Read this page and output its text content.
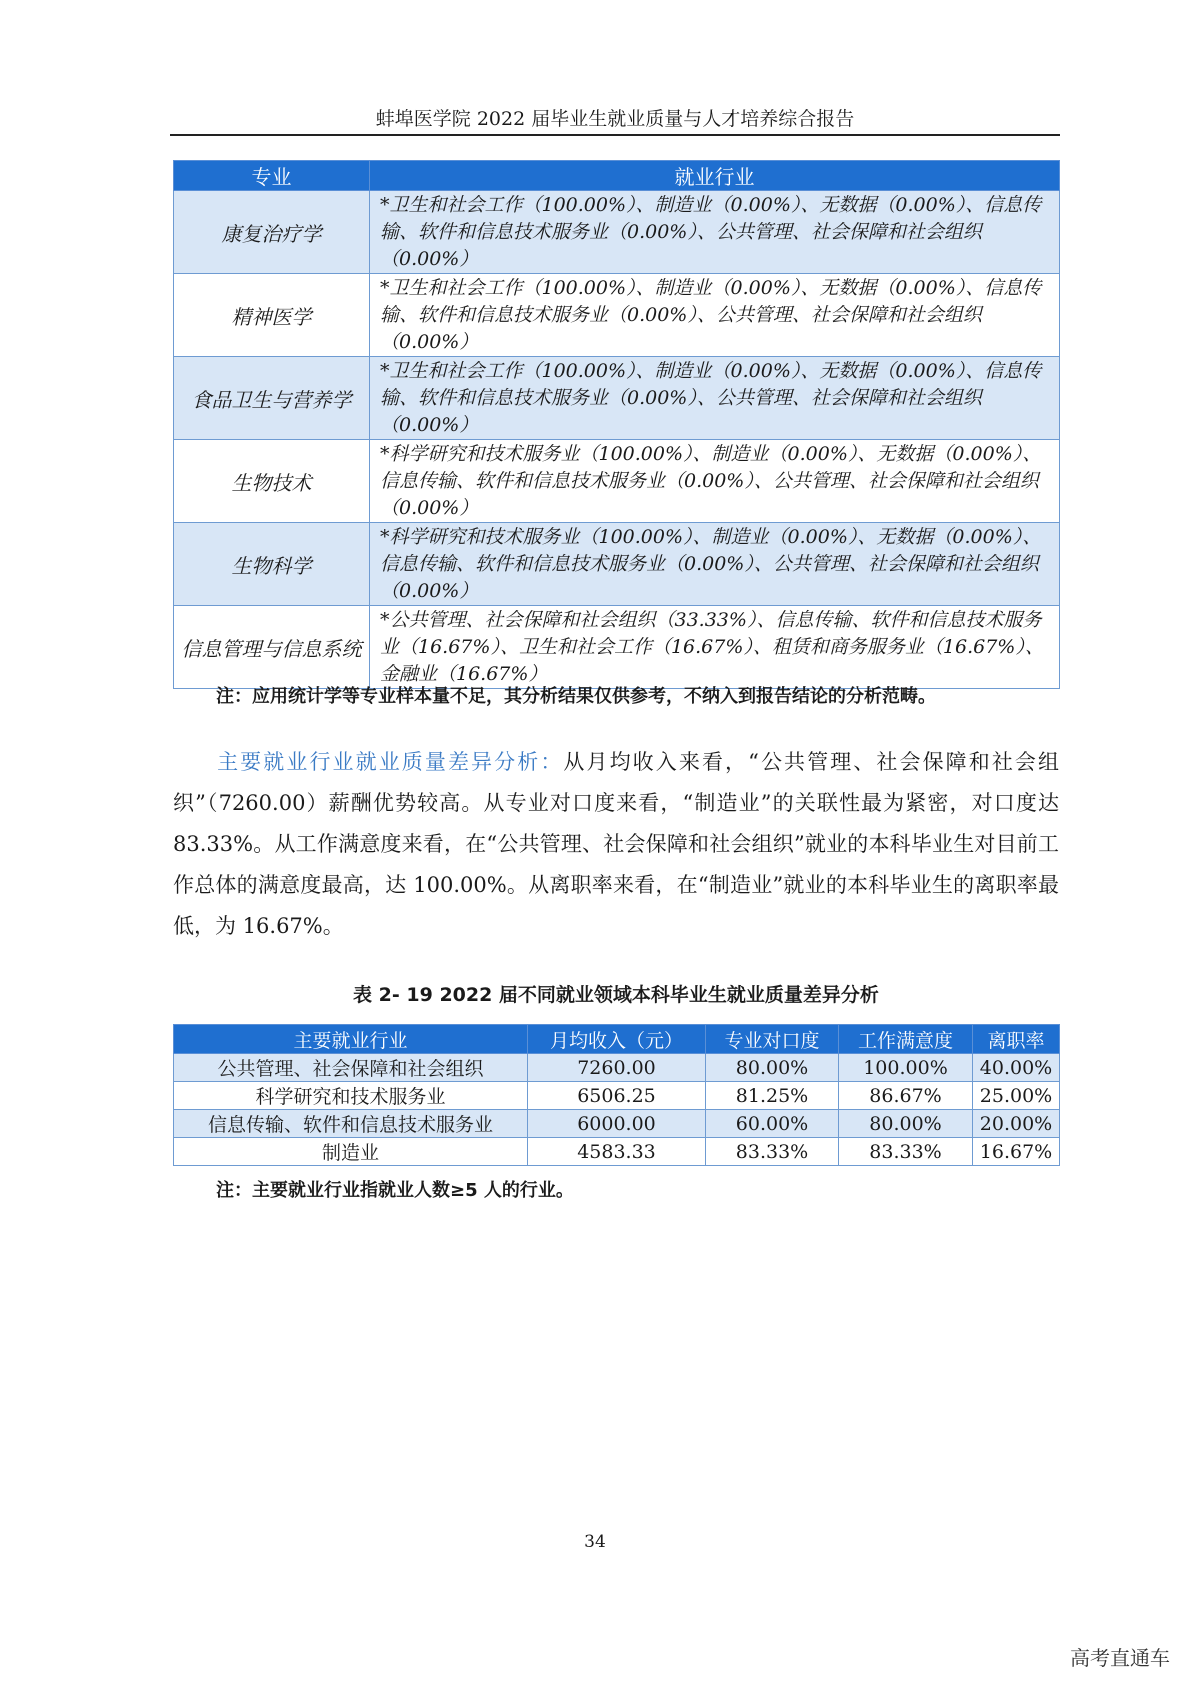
蚌埠医学院 2022 届毕业生就业质量与人才培养综合报告
专业	就业行业
康复治疗学	*卫生和社会工作（100.00%）、制造业（0.00%）、无数据（0.00%）、信息传输、软件和信息技术服务业（0.00%）、公共管理、社会保障和社会组织（0.00%）
精神医学	*卫生和社会工作（100.00%）、制造业（0.00%）、无数据（0.00%）、信息传输、软件和信息技术服务业（0.00%）、公共管理、社会保障和社会组织（0.00%）
食品卫生与营养学	*卫生和社会工作（100.00%）、制造业（0.00%）、无数据（0.00%）、信息传输、软件和信息技术服务业（0.00%）、公共管理、社会保障和社会组织（0.00%）
生物技术	*科学研究和技术服务业（100.00%）、制造业（0.00%）、无数据（0.00%）、信息传输、软件和信息技术服务业（0.00%）、公共管理、社会保障和社会组织（0.00%）
生物科学	*科学研究和技术服务业（100.00%）、制造业（0.00%）、无数据（0.00%）、信息传输、软件和信息技术服务业（0.00%）、公共管理、社会保障和社会组织（0.00%）
信息管理与信息系统	*公共管理、社会保障和社会组织（33.33%）、信息传输、软件和信息技术服务业（16.67%）、卫生和社会工作（16.67%）、租赁和商务服务业（16.67%）、金融业（16.67%）
注：应用统计学等专业样本量不足，其分析结果仅供参考，不纳入到报告结论的分析范畴。

主要就业行业就业质量差异分析：从月均收入来看，“公共管理、社会保障和社会组织”（7260.00）薪酬优势较高。从专业对口度来看，“制造业”的关联性最为紧密，对口度达 83.33%。从工作满意度来看，在“公共管理、社会保障和社会组织”就业的本科毕业生对目前工作总体的满意度最高，达 100.00%。从离职率来看，在“制造业”就业的本科毕业生的离职率最低，为 16.67%。

表 2- 19 2022 届不同就业领域本科毕业生就业质量差异分析
主要就业行业	月均收入（元）	专业对口度	工作满意度	离职率
公共管理、社会保障和社会组织	7260.00	80.00%	100.00%	40.00%
科学研究和技术服务业	6506.25	81.25%	86.67%	25.00%
信息传输、软件和信息技术服务业	6000.00	60.00%	80.00%	20.00%
制造业	4583.33	83.33%	83.33%	16.67%
注：主要就业行业指就业人数≥5 人的行业。
34
高考直通车
